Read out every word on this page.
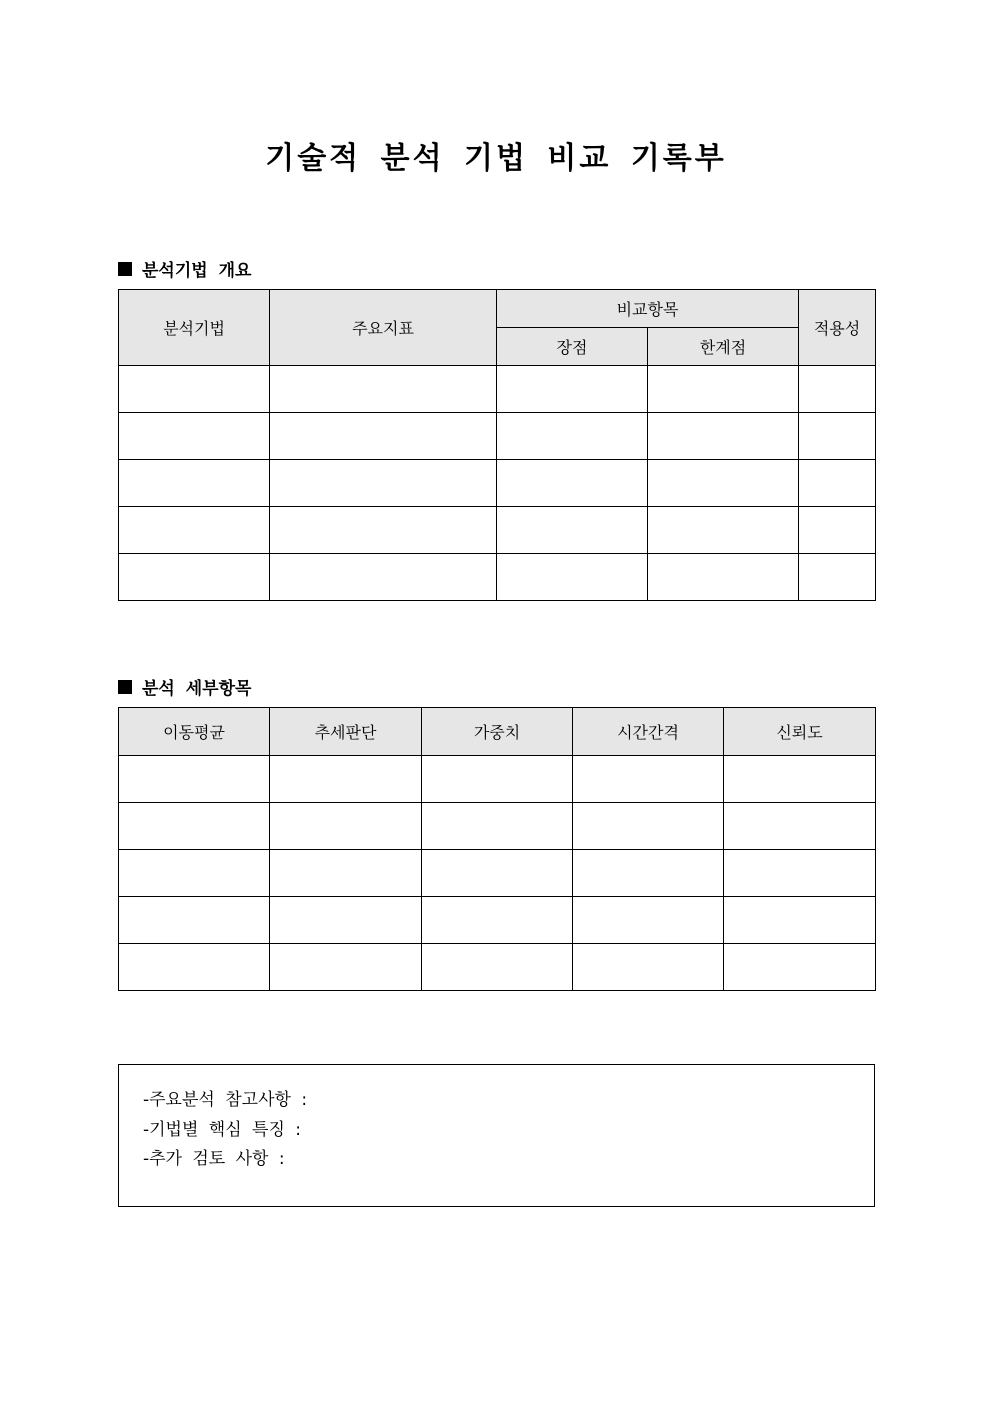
기술적 분석 기법 비교 기록부
분석기법 개요
분석기법	주요지표	비교항목		적용성
		장점	한계점	

분석 세부항목
이동평균	추세판단	가중치	시간간격	신뢰도

-주요분석 참고사항 :
-기법별 핵심 특징 :
-추가 검토 사항 :
